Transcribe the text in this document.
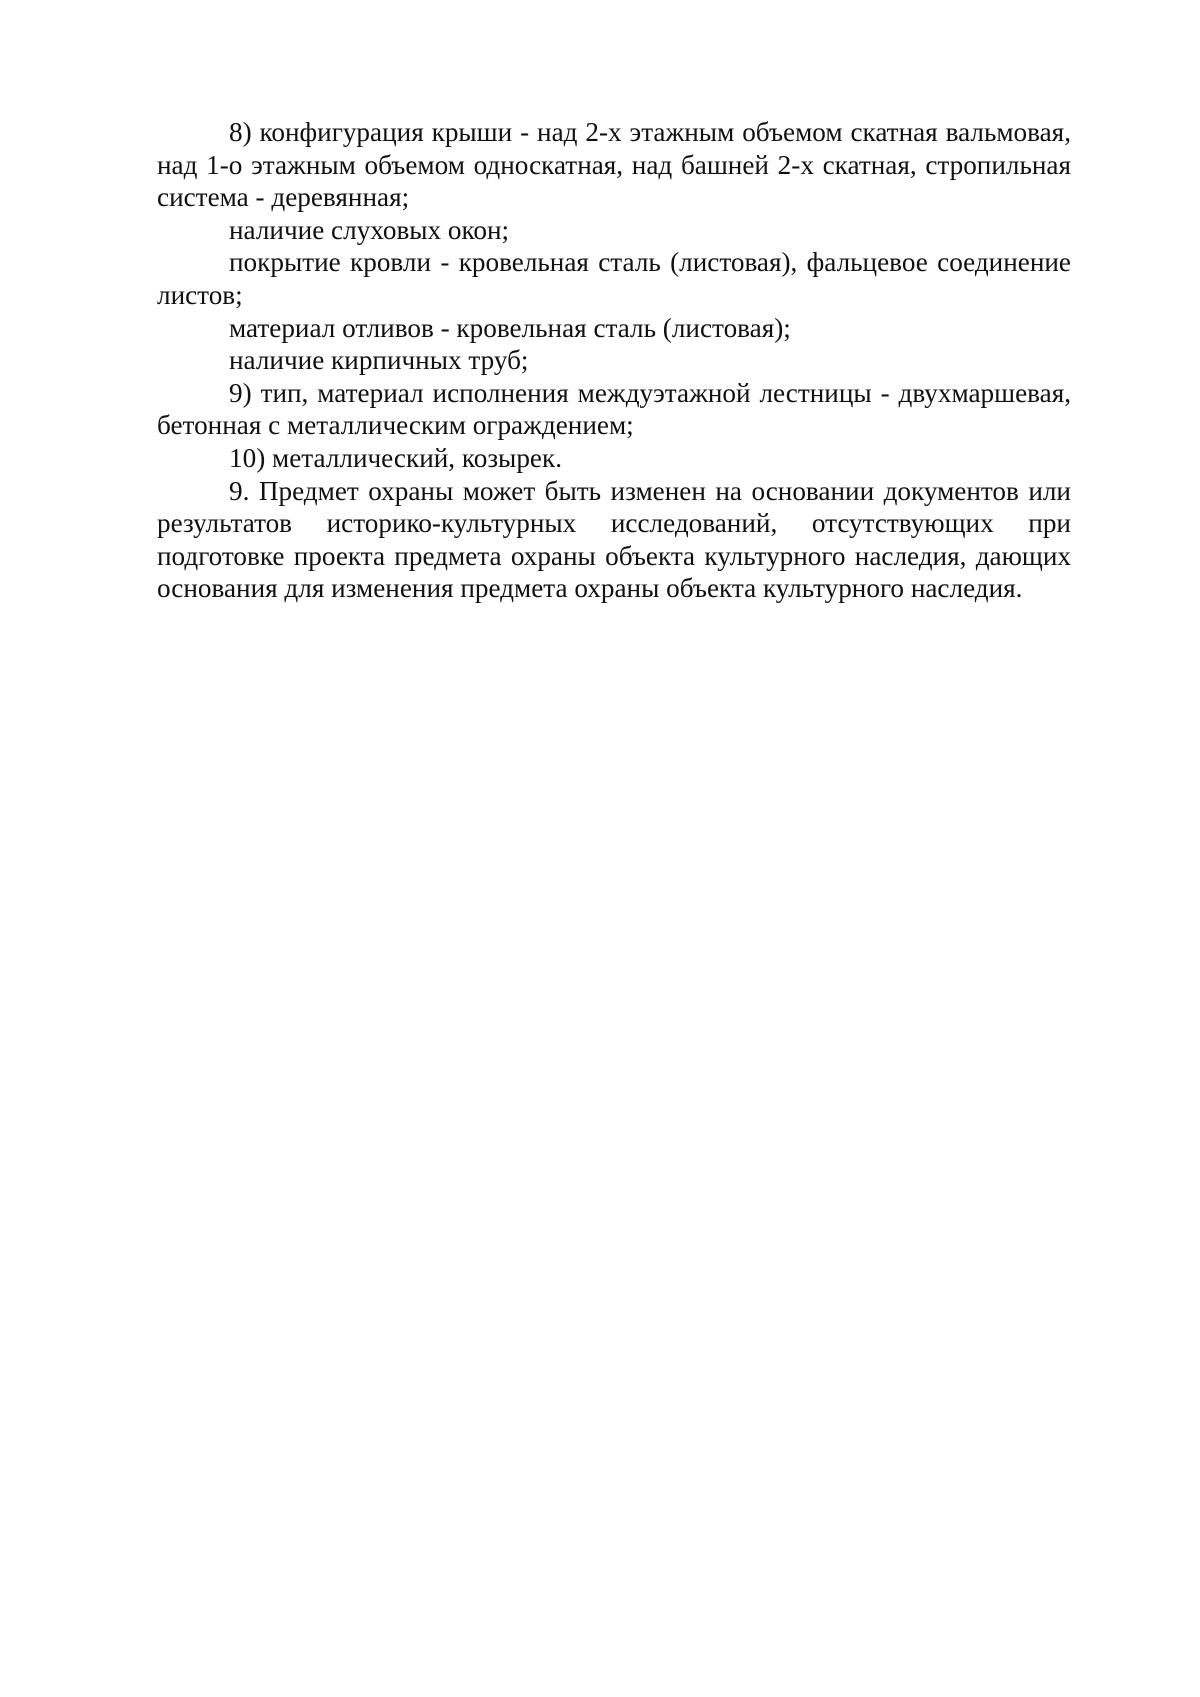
8) конфигурация крыши - над 2-х этажным объемом скатная вальмовая, над 1-о этажным объемом односкатная, над башней 2-х скатная, стропильная система - деревянная;

наличие слуховых окон;

покрытие кровли - кровельная сталь (листовая), фальцевое соединение листов;

материал отливов - кровельная сталь (листовая);

наличие кирпичных труб;

9) тип, материал исполнения междуэтажной лестницы - двухмаршевая, бетонная с металлическим ограждением;

10) металлический, козырек.

9. Предмет охраны может быть изменен на основании документов или результатов историко-культурных исследований, отсутствующих при подготовке проекта предмета охраны объекта культурного наследия, дающих основания для изменения предмета охраны объекта культурного наследия.
